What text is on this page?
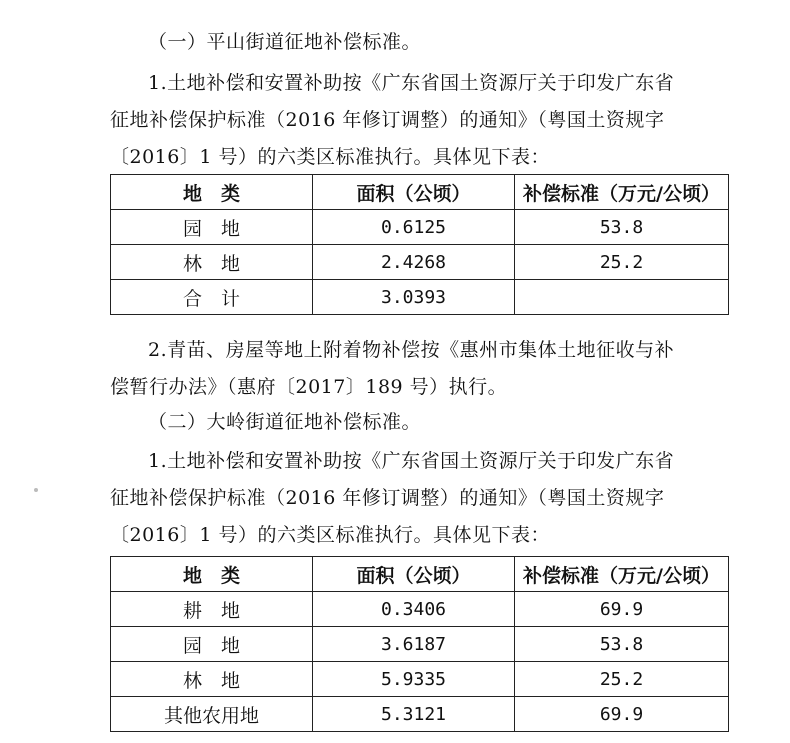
（一）平山街道征地补偿标准。
1.土地补偿和安置补助按《广东省国土资源厅关于印发广东省
征地补偿保护标准（2016 年修订调整）的通知》（粤国土资规字
〔2016〕1 号）的六类区标准执行。具体见下表：
地　类	面积（公顷）	补偿标准（万元/公顷）
园　地	0.6125	53.8
林　地	2.4268	25.2
合　计	3.0393	
2.青苗、房屋等地上附着物补偿按《惠州市集体土地征收与补
偿暂行办法》（惠府〔2017〕189 号）执行。
（二）大岭街道征地补偿标准。
1.土地补偿和安置补助按《广东省国土资源厅关于印发广东省
征地补偿保护标准（2016 年修订调整）的通知》（粤国土资规字
〔2016〕1 号）的六类区标准执行。具体见下表：
地　类	面积（公顷）	补偿标准（万元/公顷）
耕　地	0.3406	69.9
园　地	3.6187	53.8
林　地	5.9335	25.2
其他农用地	5.3121	69.9
